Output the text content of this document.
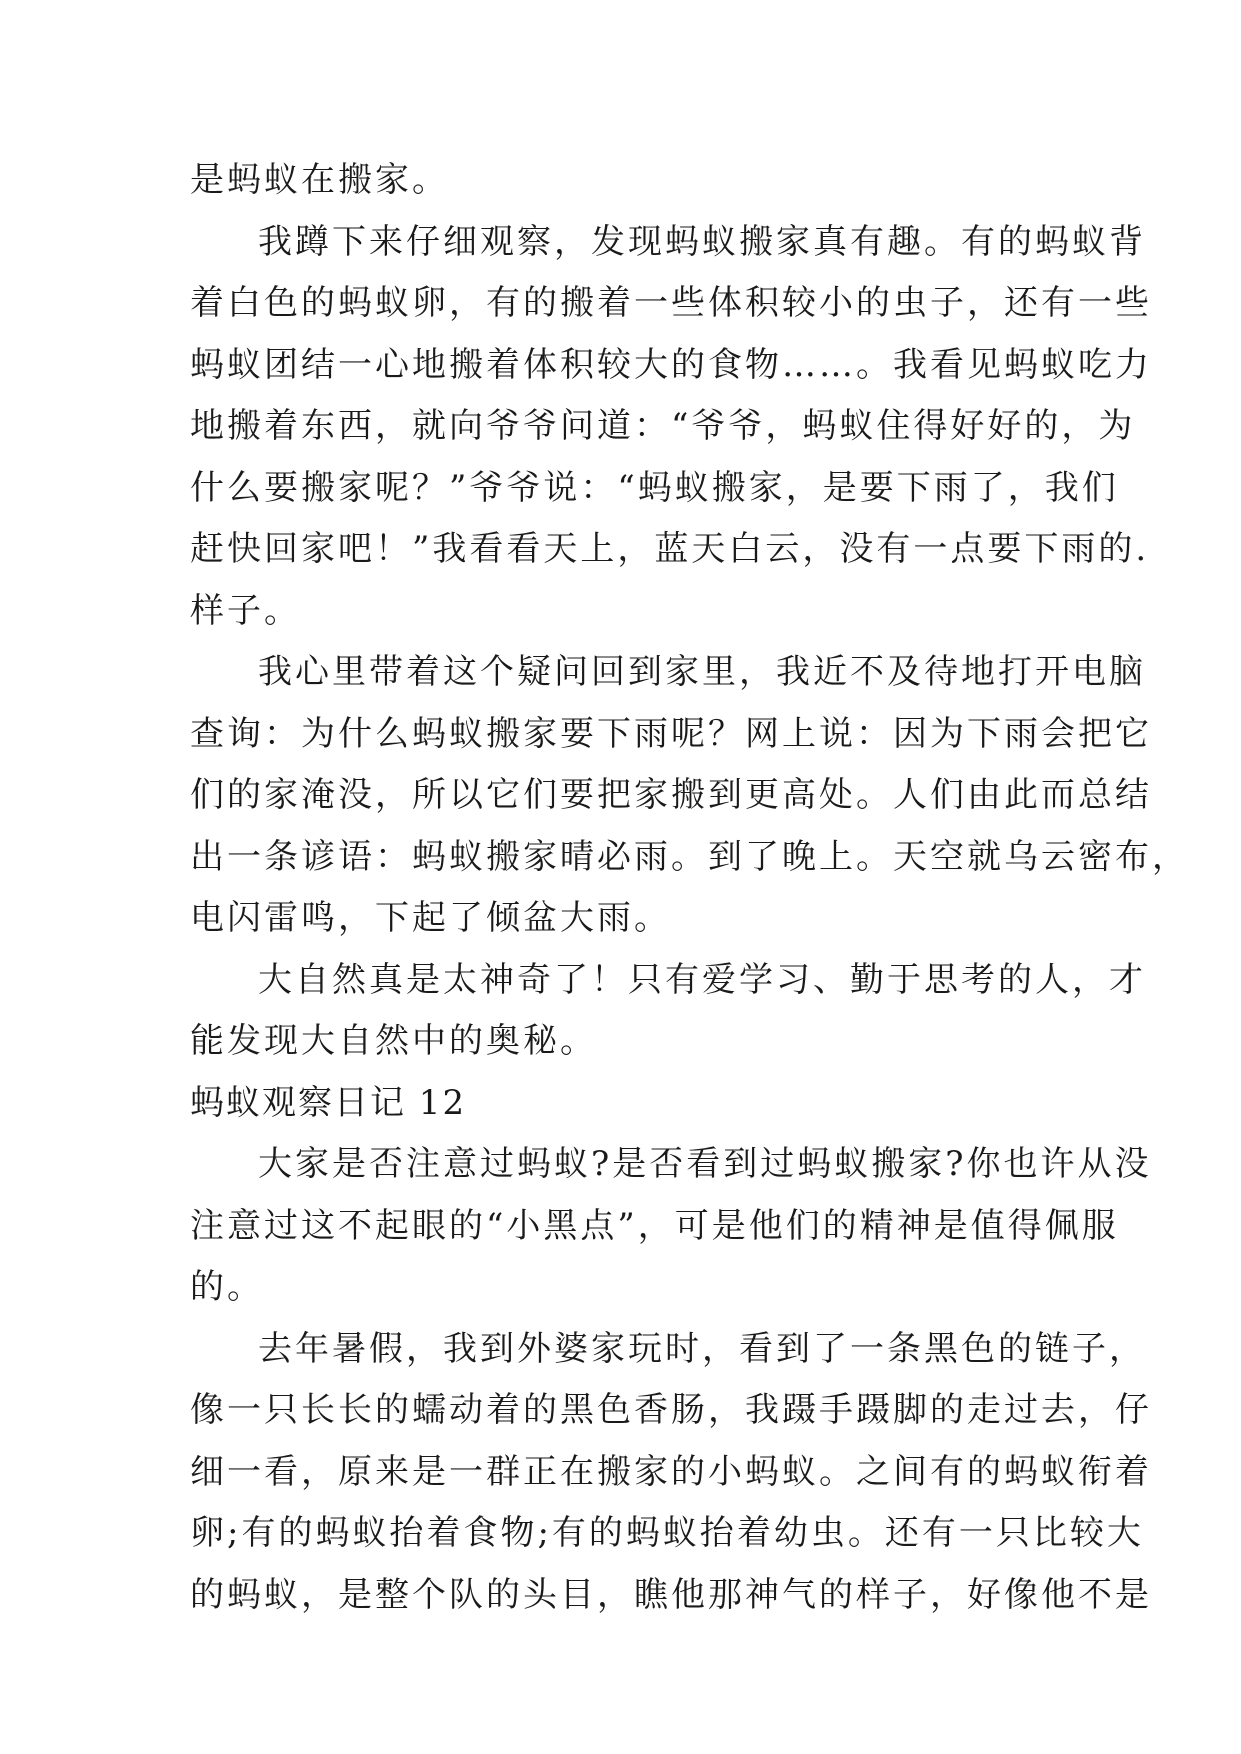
是蚂蚁在搬家。
我蹲下来仔细观察，发现蚂蚁搬家真有趣。有的蚂蚁背
着白色的蚂蚁卵，有的搬着一些体积较小的虫子，还有一些
蚂蚁团结一心地搬着体积较大的食物……。我看见蚂蚁吃力
地搬着东西，就向爷爷问道：“爷爷，蚂蚁住得好好的，为
什么要搬家呢？”爷爷说：“蚂蚁搬家，是要下雨了，我们
赶快回家吧！”我看看天上，蓝天白云，没有一点要下雨的.
样子。
我心里带着这个疑问回到家里，我近不及待地打开电脑
查询：为什么蚂蚁搬家要下雨呢？网上说：因为下雨会把它
们的家淹没，所以它们要把家搬到更高处。人们由此而总结
出一条谚语：蚂蚁搬家晴必雨。到了晚上。天空就乌云密布，
电闪雷鸣，下起了倾盆大雨。
大自然真是太神奇了！只有爱学习、勤于思考的人，才
能发现大自然中的奥秘。
蚂蚁观察日记 12
大家是否注意过蚂蚁?是否看到过蚂蚁搬家?你也许从没
注意过这不起眼的“小黑点”，可是他们的精神是值得佩服
的。
去年暑假，我到外婆家玩时，看到了一条黑色的链子，
像一只长长的蠕动着的黑色香肠，我蹑手蹑脚的走过去，仔
细一看，原来是一群正在搬家的小蚂蚁。之间有的蚂蚁衔着
卵;有的蚂蚁抬着食物;有的蚂蚁抬着幼虫。还有一只比较大
的蚂蚁，是整个队的头目，瞧他那神气的样子，好像他不是
